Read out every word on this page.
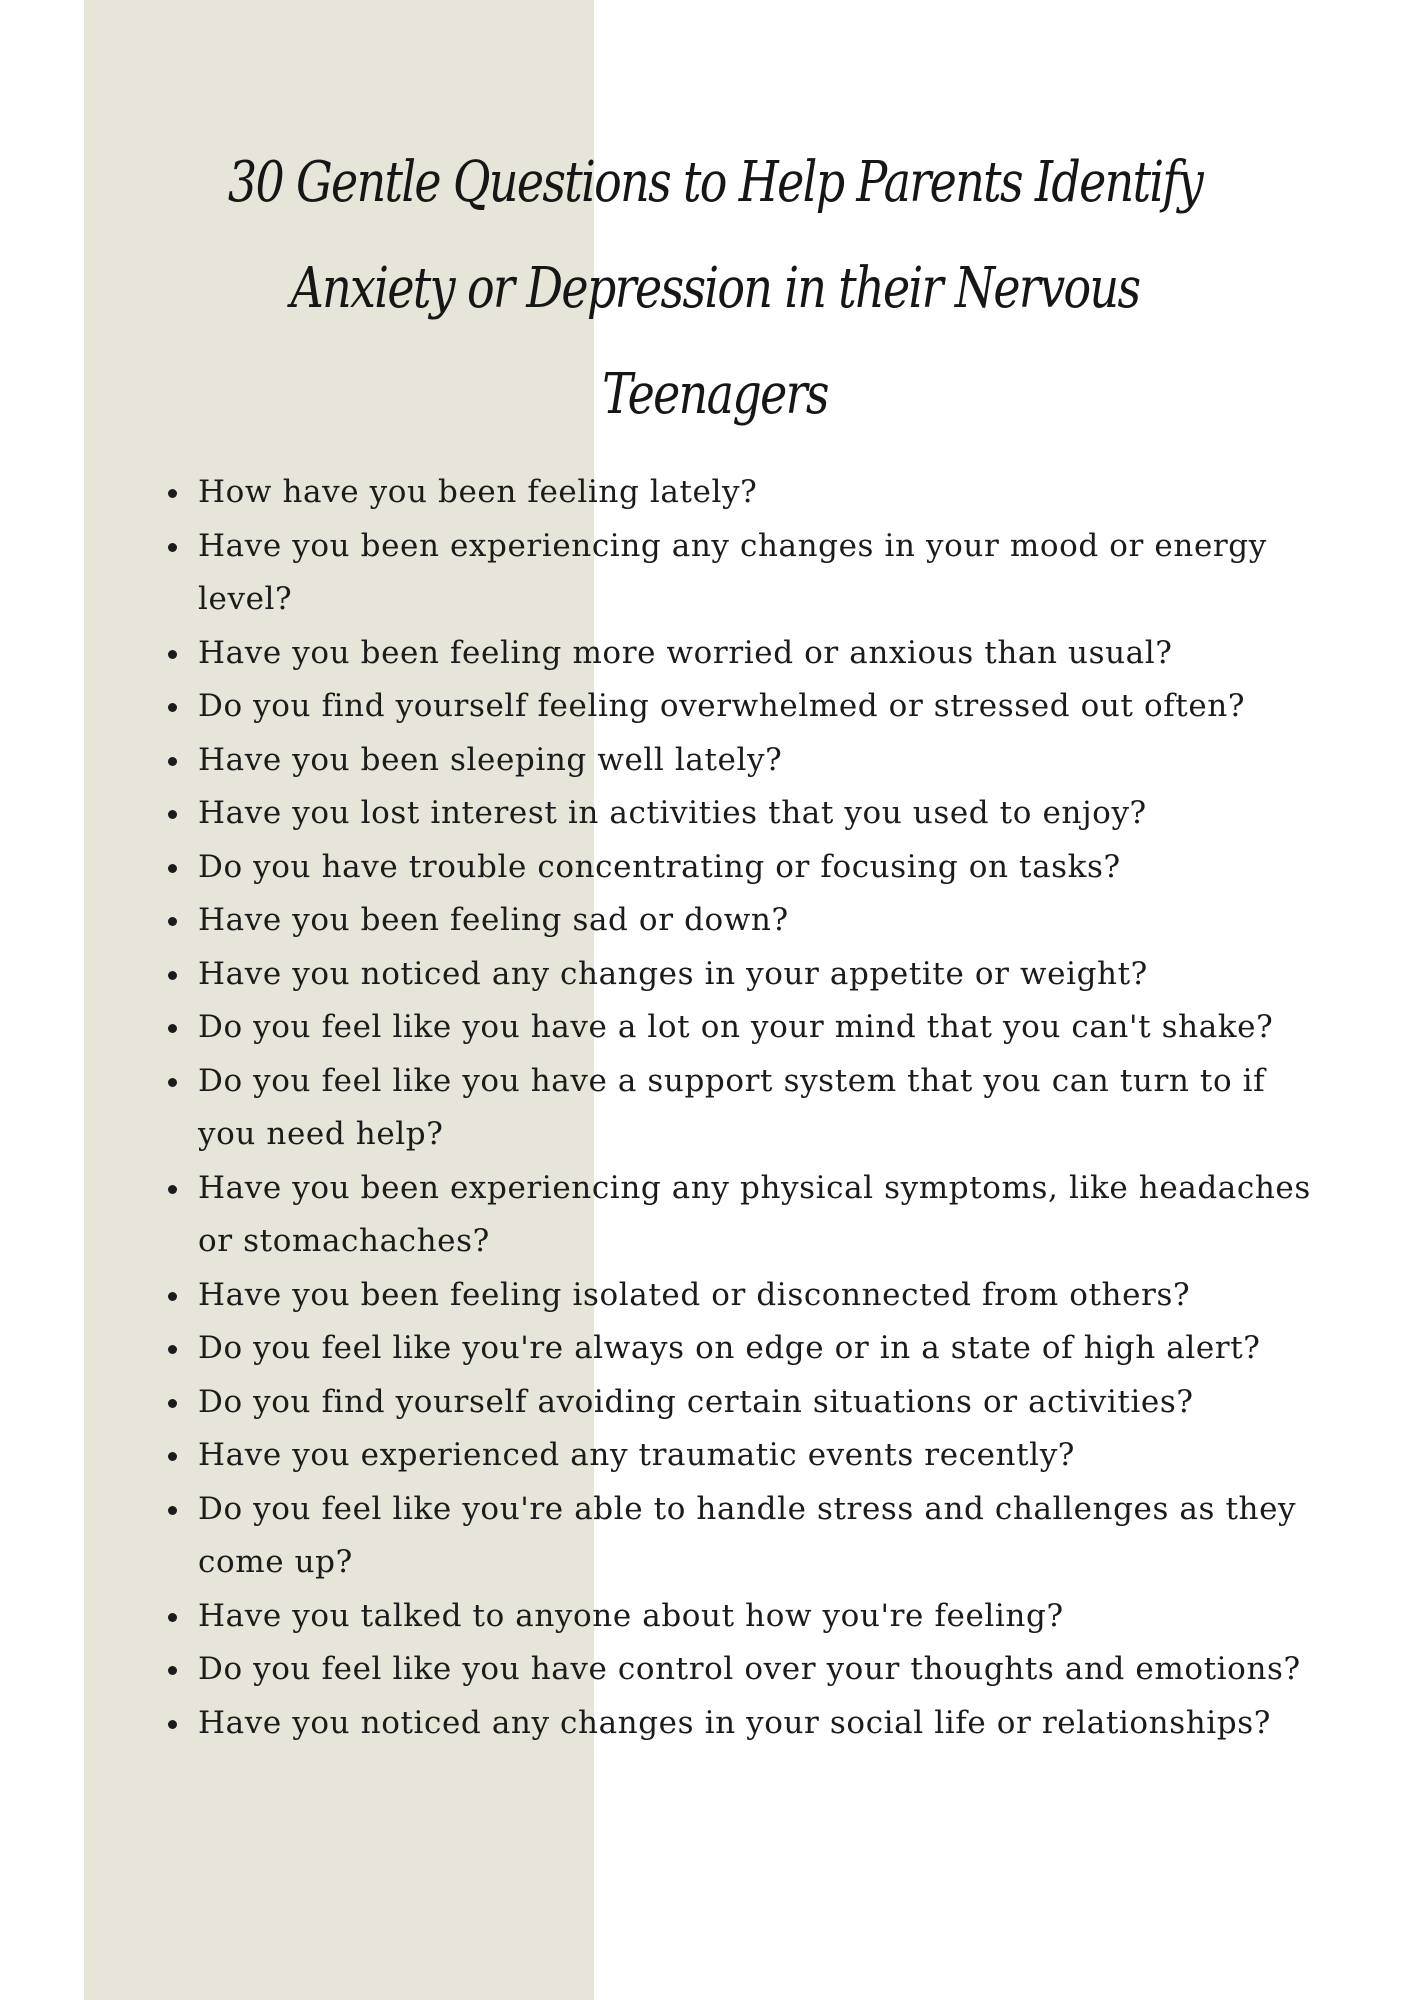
30 Gentle Questions to Help Parents Identify Anxiety or Depression in their Nervous Teenagers
How have you been feeling lately?
Have you been experiencing any changes in your mood or energy level?
Have you been feeling more worried or anxious than usual?
Do you find yourself feeling overwhelmed or stressed out often?
Have you been sleeping well lately?
Have you lost interest in activities that you used to enjoy?
Do you have trouble concentrating or focusing on tasks?
Have you been feeling sad or down?
Have you noticed any changes in your appetite or weight?
Do you feel like you have a lot on your mind that you can't shake?
Do you feel like you have a support system that you can turn to if you need help?
Have you been experiencing any physical symptoms, like headaches or stomachaches?
Have you been feeling isolated or disconnected from others?
Do you feel like you're always on edge or in a state of high alert?
Do you find yourself avoiding certain situations or activities?
Have you experienced any traumatic events recently?
Do you feel like you're able to handle stress and challenges as they come up?
Have you talked to anyone about how you're feeling?
Do you feel like you have control over your thoughts and emotions?
Have you noticed any changes in your social life or relationships?
